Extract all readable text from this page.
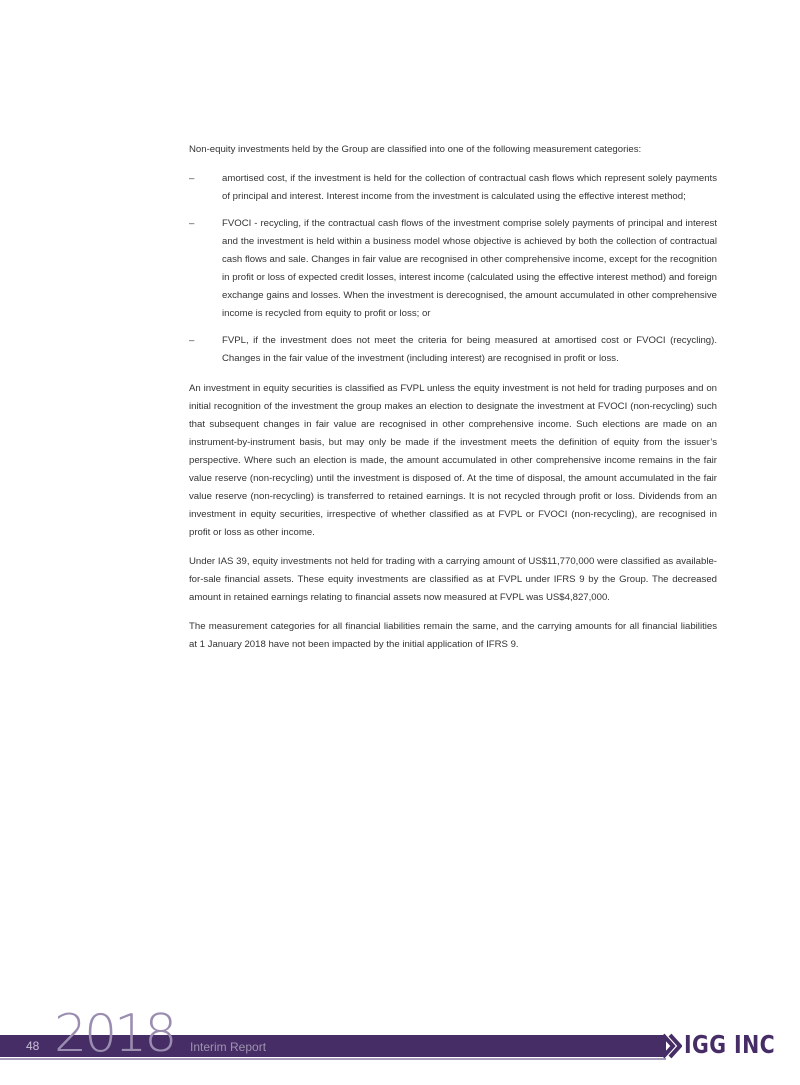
Non-equity investments held by the Group are classified into one of the following measurement categories:

–	amortised cost, if the investment is held for the collection of contractual cash flows which represent solely payments of principal and interest. Interest income from the investment is calculated using the effective interest method;
–	FVOCI - recycling, if the contractual cash flows of the investment comprise solely payments of principal and interest and the investment is held within a business model whose objective is achieved by both the collection of contractual cash flows and sale. Changes in fair value are recognised in other comprehensive income, except for the recognition in profit or loss of expected credit losses, interest income (calculated using the effective interest method) and foreign exchange gains and losses. When the investment is derecognised, the amount accumulated in other comprehensive income is recycled from equity to profit or loss; or
–	FVPL, if the investment does not meet the criteria for being measured at amortised cost or FVOCI (recycling). Changes in the fair value of the investment (including interest) are recognised in profit or loss.

An investment in equity securities is classified as FVPL unless the equity investment is not held for trading purposes and on initial recognition of the investment the group makes an election to designate the investment at FVOCI (non-recycling) such that subsequent changes in fair value are recognised in other comprehensive income. Such elections are made on an instrument-by-instrument basis, but may only be made if the investment meets the definition of equity from the issuer’s perspective. Where such an election is made, the amount accumulated in other comprehensive income remains in the fair value reserve (non-recycling) until the investment is disposed of. At the time of disposal, the amount accumulated in the fair value reserve (non-recycling) is transferred to retained earnings. It is not recycled through profit or loss. Dividends from an investment in equity securities, irrespective of whether classified as at FVPL or FVOCI (non-recycling), are recognised in profit or loss as other income.

Under IAS 39, equity investments not held for trading with a carrying amount of US$11,770,000 were classified as available-for-sale financial assets. These equity investments are classified as at FVPL under IFRS 9 by the Group. The decreased amount in retained earnings relating to financial assets now measured at FVPL was US$4,827,000.

The measurement categories for all financial liabilities remain the same, and the carrying amounts for all financial liabilities at 1 January 2018 have not been impacted by the initial application of IFRS 9.

2018
48	Interim Report	IGG INC
